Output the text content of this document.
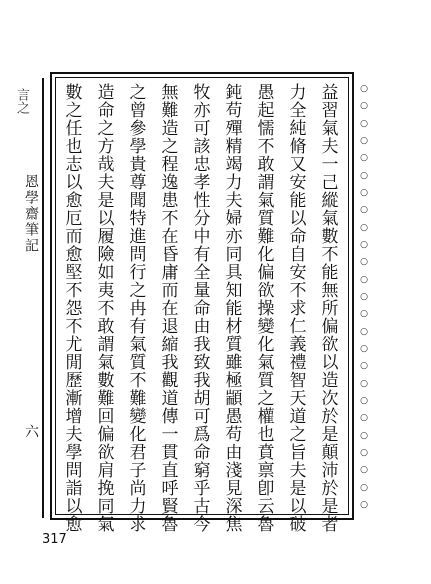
言之
恩學齋筆記
六
益
習
氣
夫
一
己
縱
氣
數
不
能
無
所
偏
欲
以
造
次
於
是
顛
沛
於
是
者
力
全
純
脩
又
安
能
以
命
自
安
不
求
仁
義
禮
智
天
道
之
旨
夫
是
以
破
愚
起
懦
不
敢
謂
氣
質
難
化
偏
欲
操
變
化
氣
質
之
權
也
賁
禀
卽
云
魯
鈍
苟
殫
精
竭
力
夫
婦
亦
同
具
知
能
材
質
雖
極
顓
愚
苟
由
淺
見
深
焦
牧
亦
可
該
忠
孝
性
分
中
有
全
量
命
由
我
致
我
胡
可
爲
命
窮
乎
古
今
無
難
造
之
程
逸
患
不
在
昏
庸
而
在
退
縮
我
觀
道
傳
一
貫
直
呼
賢
魯
之
曾
參
學
貴
尊
聞
特
進
問
行
之
冉
有
氣
質
不
難
變
化
君
子
尚
力
求
造
命
之
方
哉
夫
是
以
履
險
如
夷
不
敢
謂
氣
數
難
回
偏
欲
肩
挽
同
氣
數
之
任
也
志
以
愈
厄
而
愈
堅
不
怨
不
尤
閒
歷
漸
增
夫
學
問
詣
以
愈
○
○
○
○
○
○
○
○
○
○
○
○
○
○
○
○
○
○
○
○
○
○
○
○
○
317
